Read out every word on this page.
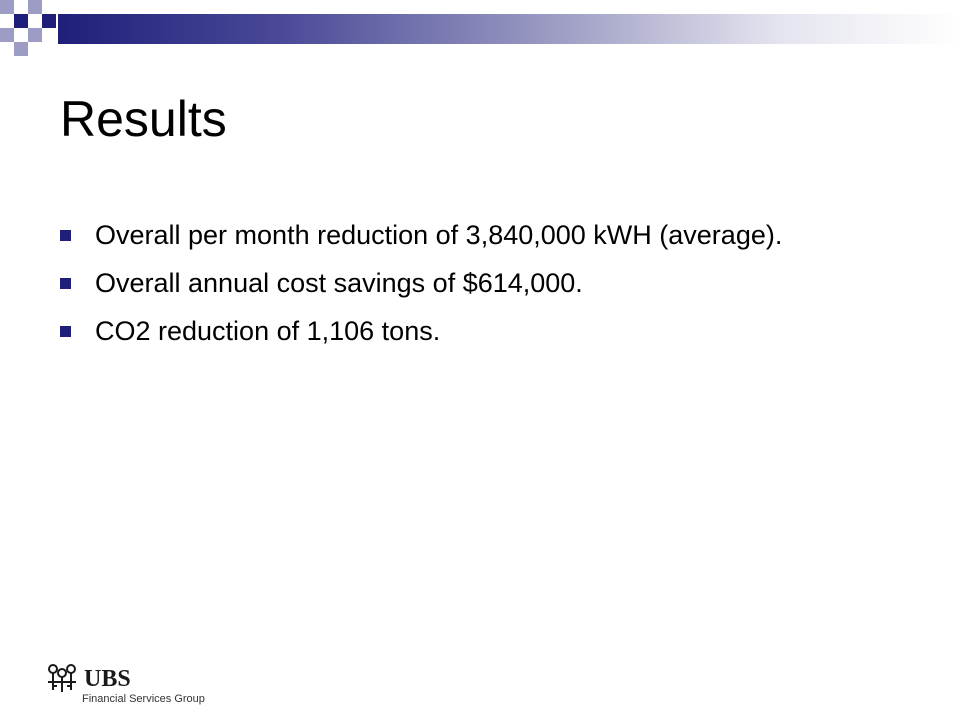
Results
Overall per month reduction of 3,840,000 kWH (average).
Overall annual cost savings of $614,000.
CO2 reduction of 1,106 tons.
UBS
Financial Services Group
